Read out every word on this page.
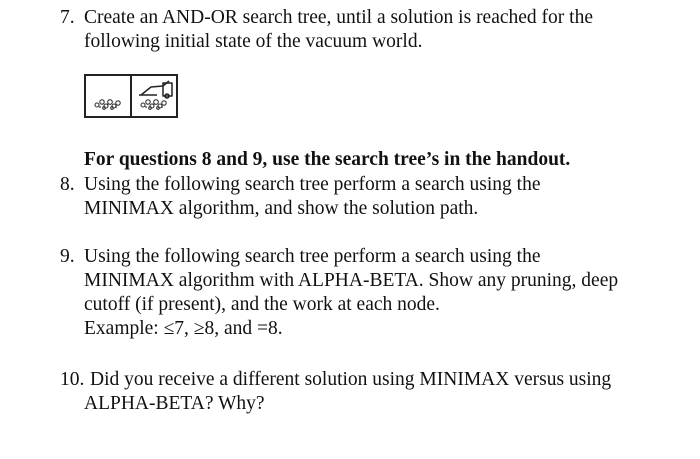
7. Create an AND-OR search tree, until a solution is reached for the
following initial state of the vacuum world.
For questions 8 and 9, use the search tree’s in the handout.
8. Using the following search tree perform a search using the
MINIMAX algorithm, and show the solution path.
9. Using the following search tree perform a search using the
MINIMAX algorithm with ALPHA-BETA. Show any pruning, deep
cutoff (if present), and the work at each node.
Example: ≤7, ≥8, and =8.
10. Did you receive a different solution using MINIMAX versus using
ALPHA-BETA? Why?
